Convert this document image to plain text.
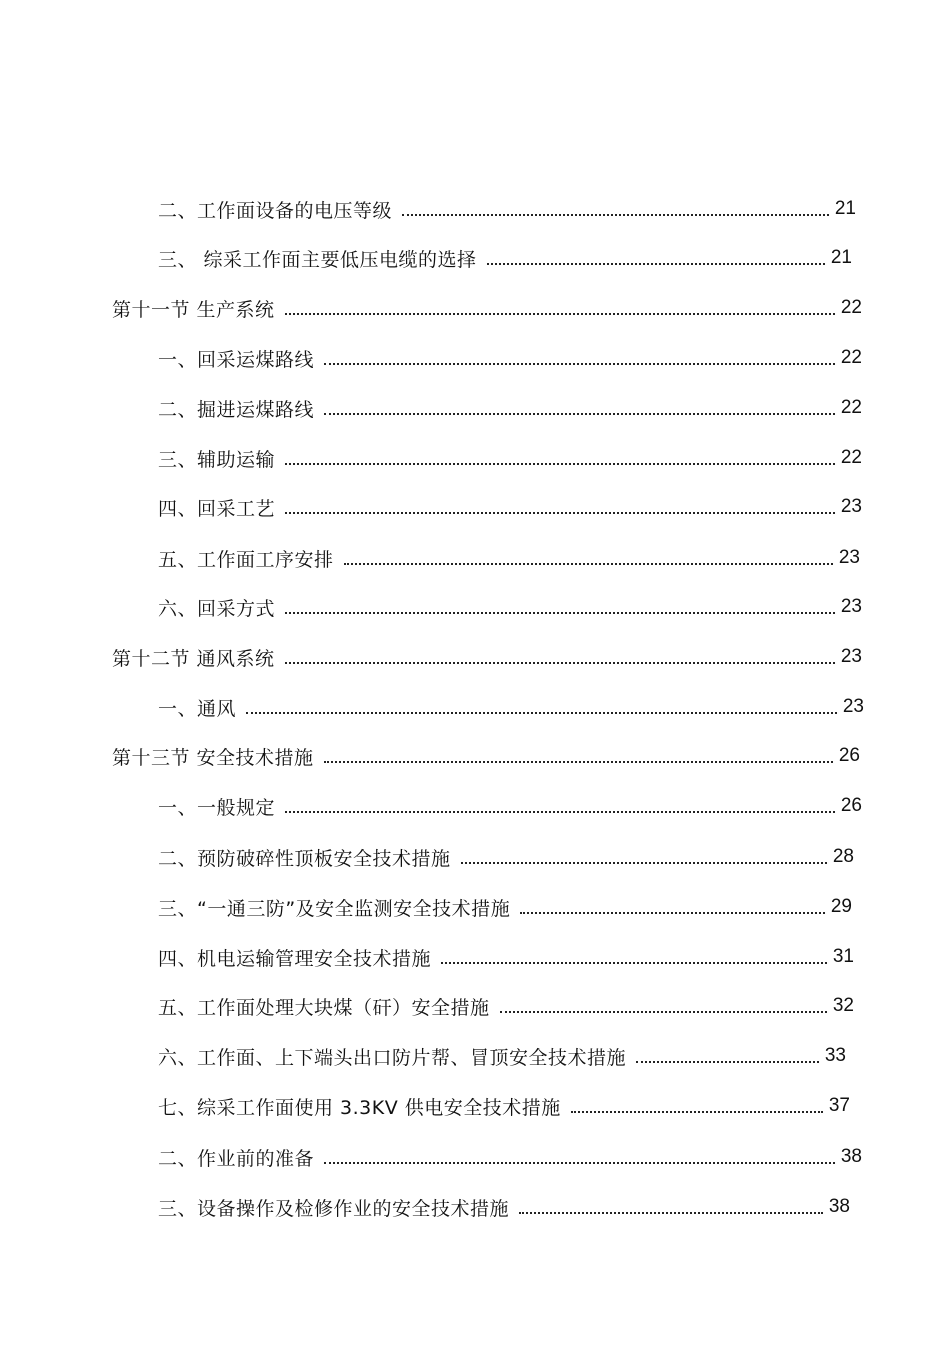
二、工作面设备的电压等级	21
三、 综采工作面主要低压电缆的选择	21
第十一节 生产系统	22
一、回采运煤路线	22
二、掘进运煤路线	22
三、辅助运输	22
四、回采工艺	23
五、工作面工序安排	23
六、回采方式	23
第十二节 通风系统	23
一、通风	23
第十三节 安全技术措施	26
一、一般规定	26
二、预防破碎性顶板安全技术措施	28
三、“一通三防”及安全监测安全技术措施	29
四、机电运输管理安全技术措施	31
五、工作面处理大块煤（矸）安全措施	32
六、工作面、上下端头出口防片帮、冒顶安全技术措施	33
七、综采工作面使用 3.3KV 供电安全技术措施	37
二、作业前的准备	38
三、设备操作及检修作业的安全技术措施	38
